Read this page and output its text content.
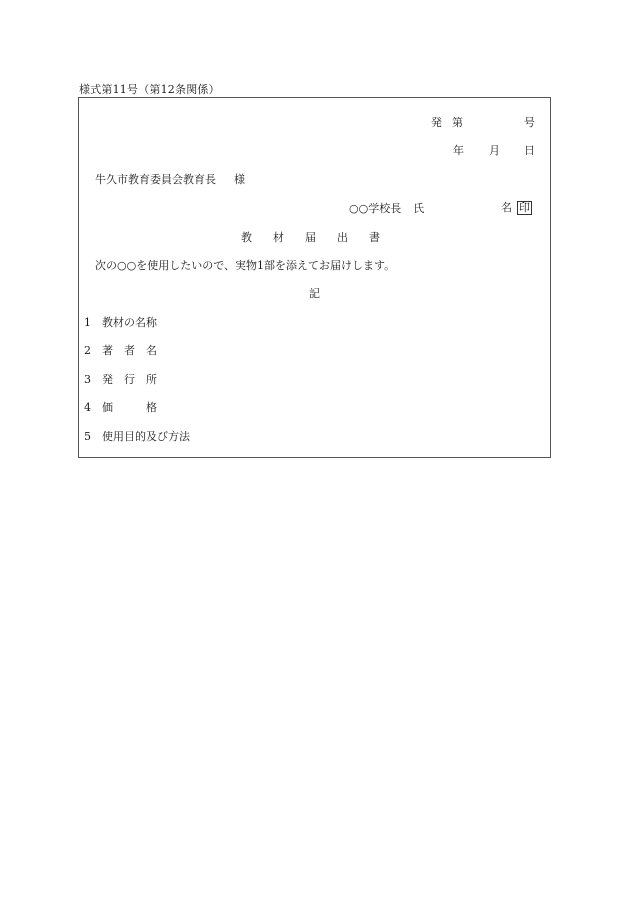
様式第11号（第12条関係）
発 第	号
年 月 日
牛久市教育委員会教育長 様
○○学校長 氏	名 印
教 材 届 出 書
次の○○を使用したいので、実物1部を添えてお届けします。
記
1 教材の名称
2 著　者　名
3 発　行　所
4 価　　　格
5 使用目的及び方法
